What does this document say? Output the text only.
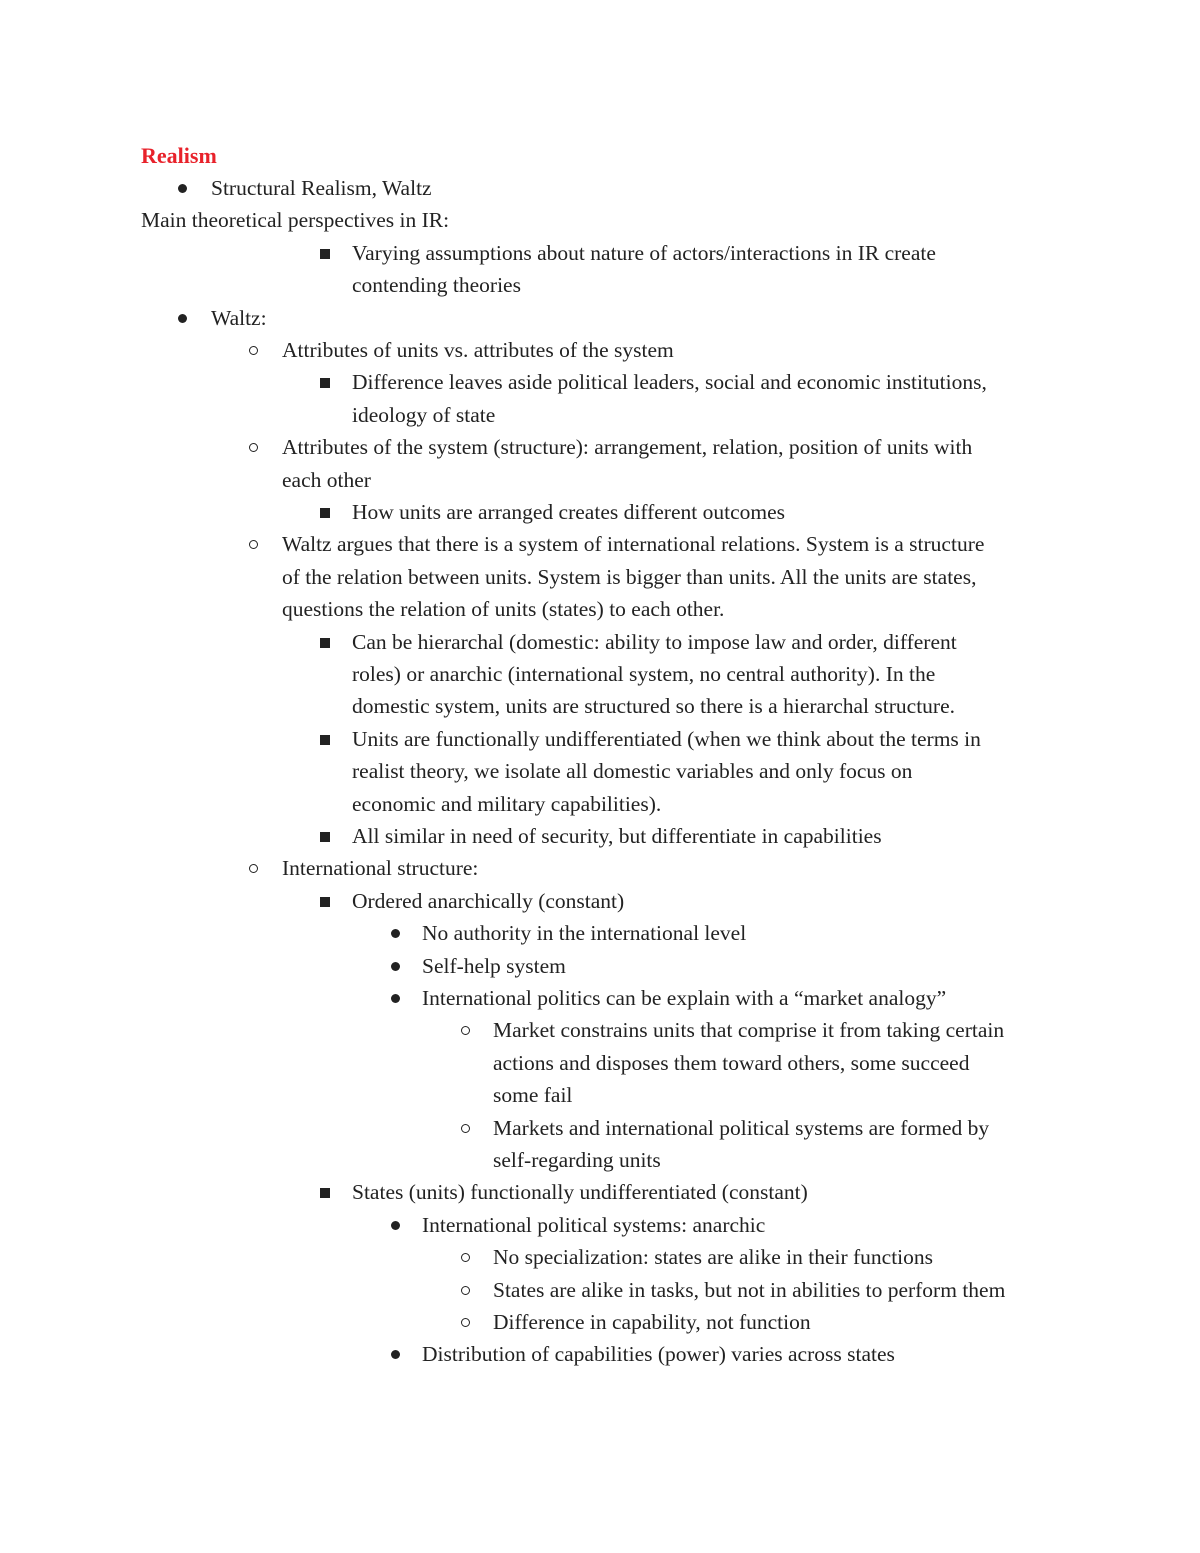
Realism
Structural Realism, Waltz
Main theoretical perspectives in IR:
Varying assumptions about nature of actors/interactions in IR create
contending theories
Waltz:
Attributes of units vs. attributes of the system
Difference leaves aside political leaders, social and economic institutions,
ideology of state
Attributes of the system (structure): arrangement, relation, position of units with
each other
How units are arranged creates different outcomes
Waltz argues that there is a system of international relations. System is a structure
of the relation between units. System is bigger than units. All the units are states,
questions the relation of units (states) to each other.
Can be hierarchal (domestic: ability to impose law and order, different
roles) or anarchic (international system, no central authority). In the
domestic system, units are structured so there is a hierarchal structure.
Units are functionally undifferentiated (when we think about the terms in
realist theory, we isolate all domestic variables and only focus on
economic and military capabilities).
All similar in need of security, but differentiate in capabilities
International structure:
Ordered anarchically (constant)
No authority in the international level
Self-help system
International politics can be explain with a “market analogy”
Market constrains units that comprise it from taking certain
actions and disposes them toward others, some succeed
some fail
Markets and international political systems are formed by
self-regarding units
States (units) functionally undifferentiated (constant)
International political systems: anarchic
No specialization: states are alike in their functions
States are alike in tasks, but not in abilities to perform them
Difference in capability, not function
Distribution of capabilities (power) varies across states
